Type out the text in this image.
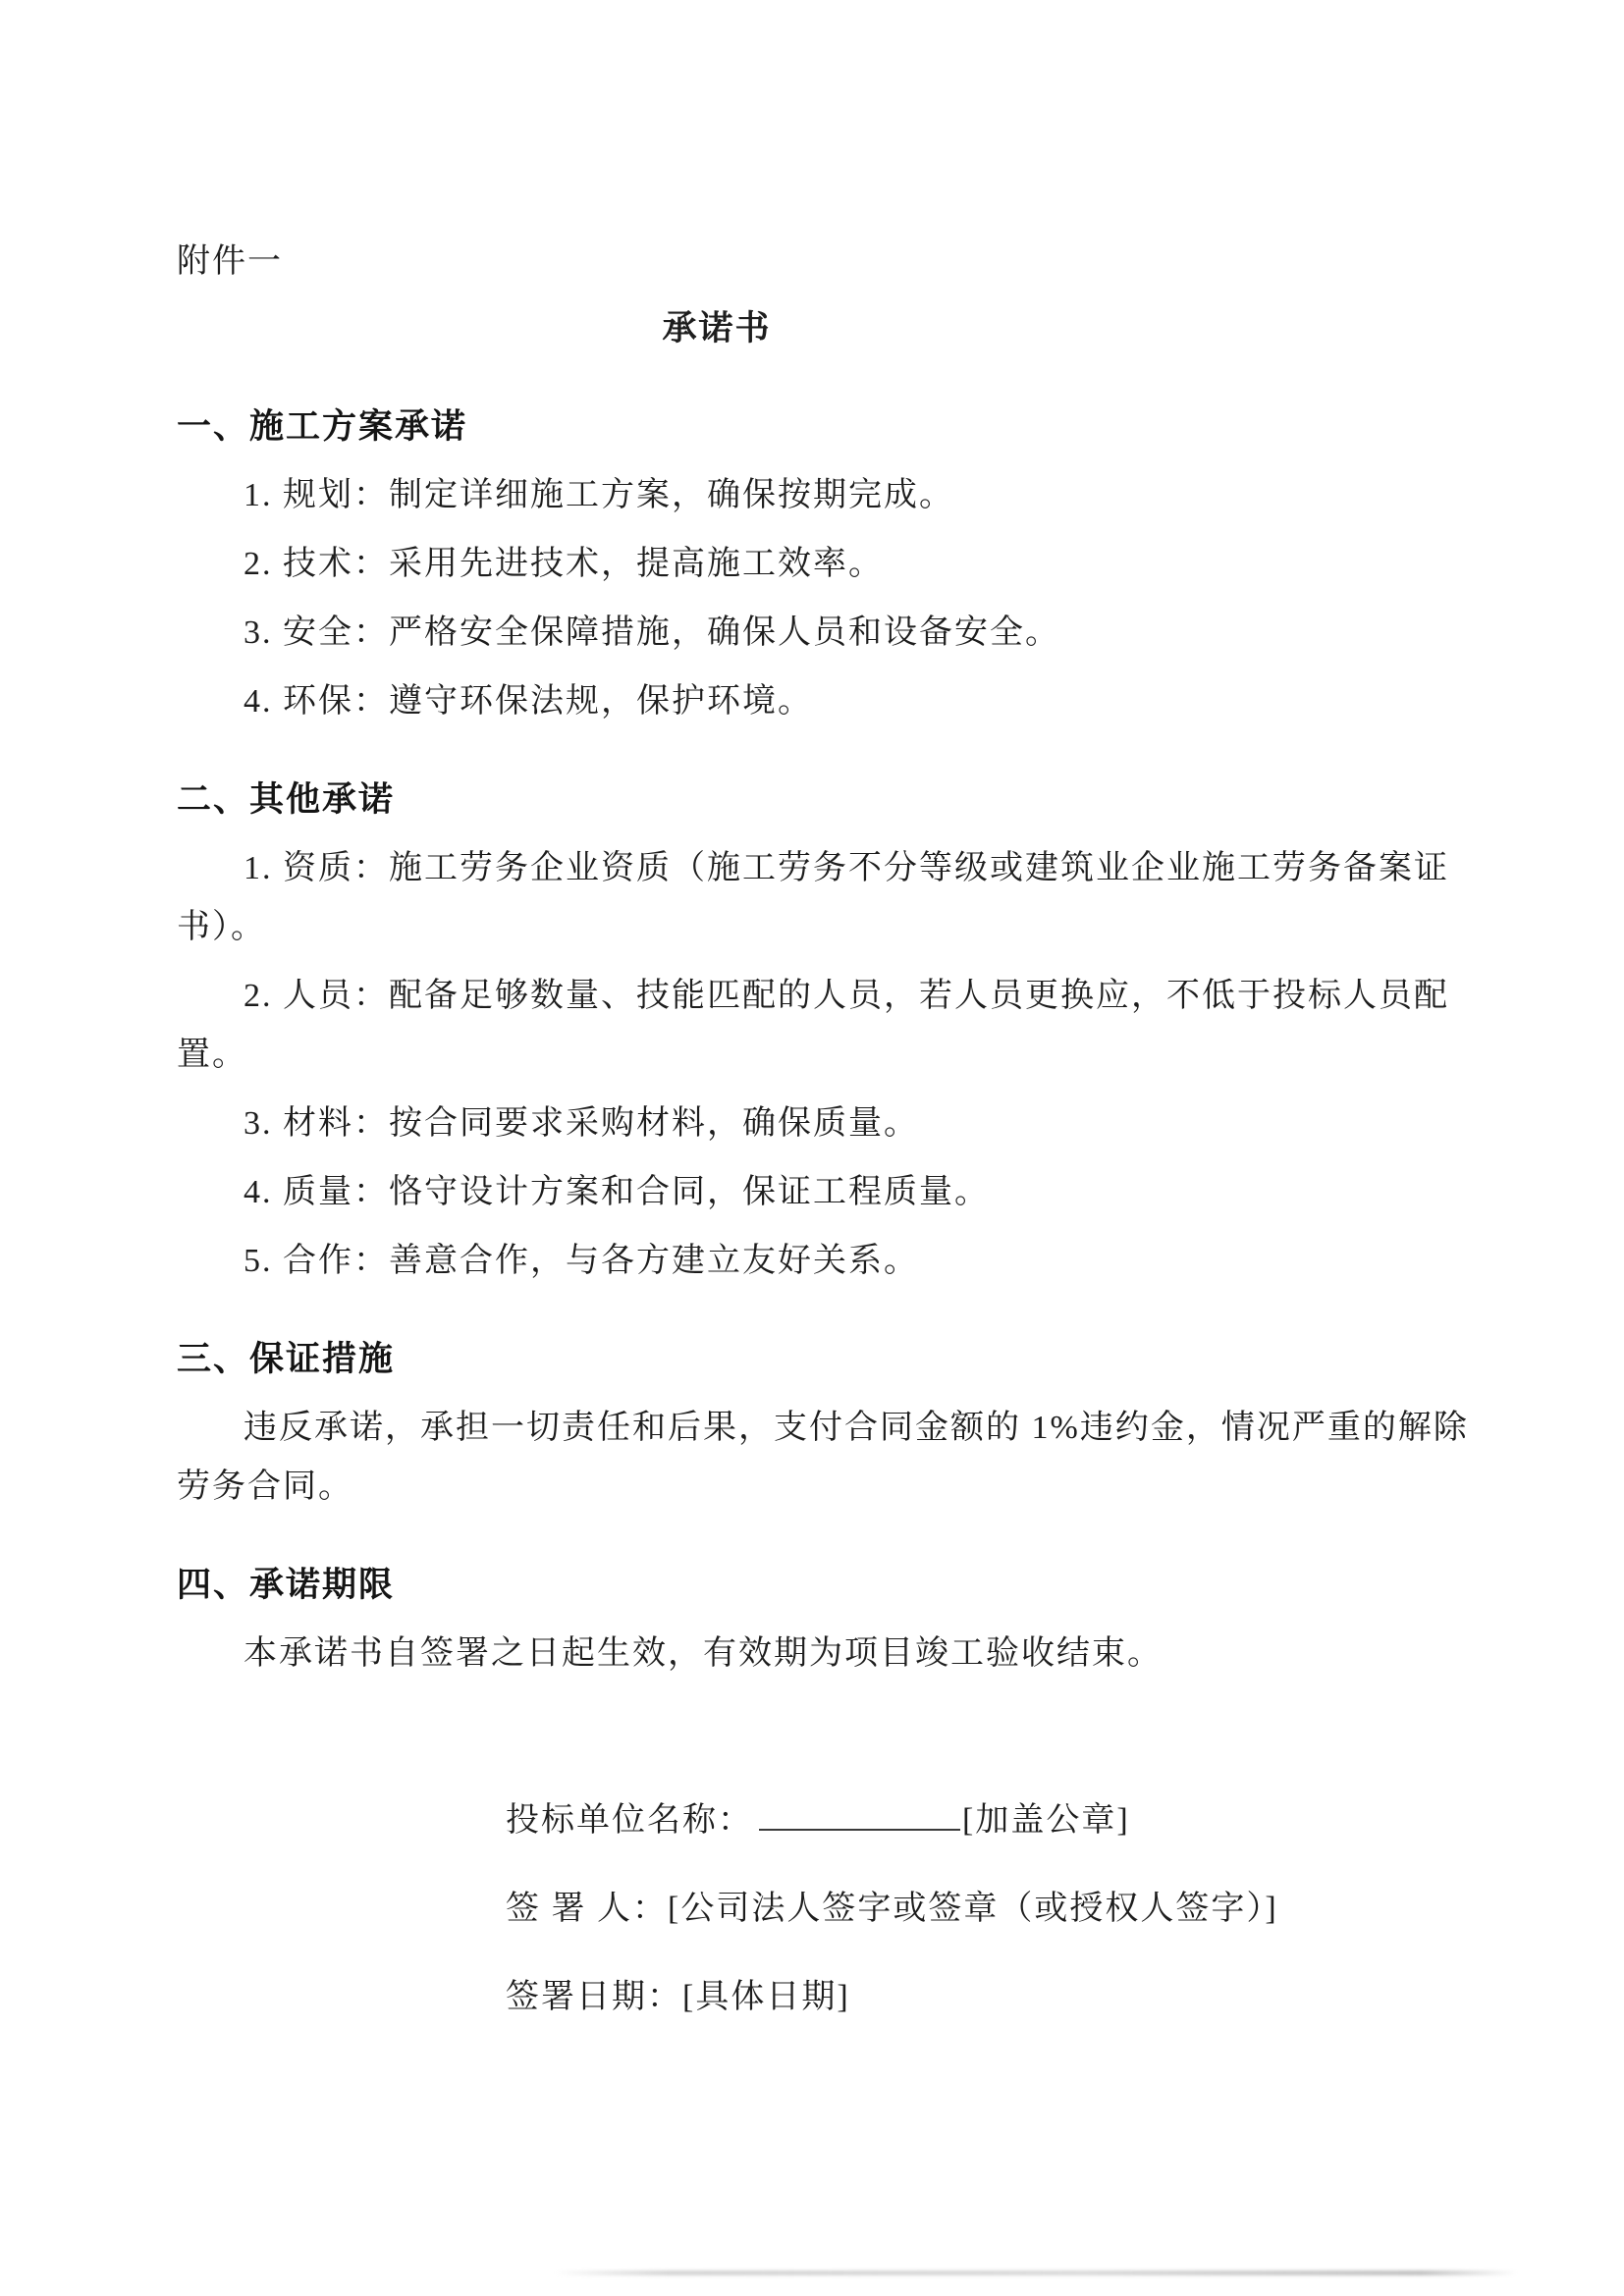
附件一
承诺书
一、施工方案承诺
1. 规划：制定详细施工方案，确保按期完成。
2. 技术：采用先进技术，提高施工效率。
3. 安全：严格安全保障措施，确保人员和设备安全。
4. 环保：遵守环保法规，保护环境。
二、其他承诺
1. 资质：施工劳务企业资质（施工劳务不分等级或建筑业企业施工劳务备案证
书）。
2. 人员：配备足够数量、技能匹配的人员，若人员更换应，不低于投标人员配
置。
3. 材料：按合同要求采购材料，确保质量。
4. 质量：恪守设计方案和合同，保证工程质量。
5. 合作：善意合作，与各方建立友好关系。
三、保证措施
违反承诺，承担一切责任和后果，支付合同金额的 1%违约金，情况严重的解除
劳务合同。
四、承诺期限
本承诺书自签署之日起生效，有效期为项目竣工验收结束。
投标单位名称：	[加盖公章]
签 署 人：[公司法人签字或签章（或授权人签字）]
签署日期：[具体日期]
